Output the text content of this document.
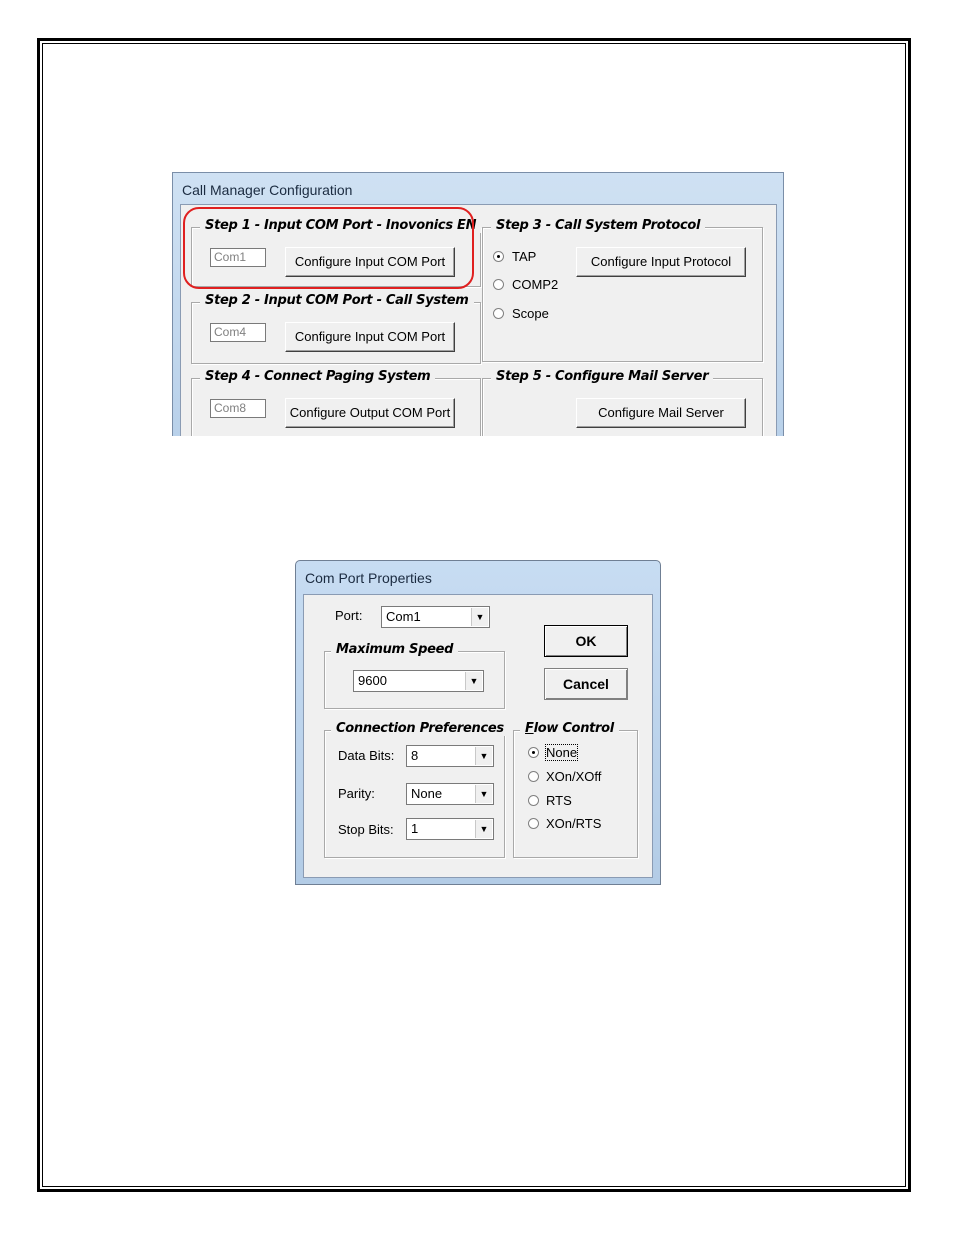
Call Manager Configuration
Step 1 - Input COM Port - Inovonics EN
Com1	Configure Input COM Port
Step 2 - Input COM Port - Call System
Com4	Configure Input COM Port
Step 3 - Call System Protocol
TAP
COMP2
Scope
Configure Input Protocol
Step 4 - Connect Paging System
Com8	Configure Output COM Port
Step 5 - Configure Mail Server
Configure Mail Server
Com Port Properties
Port:	Com1	▼
Maximum Speed
9600	▼
OK
Cancel
Connection Preferences
Data Bits:	8	▼
Parity:	None	▼
Stop Bits:	1	▼
Flow Control
None
XOn/XOff
RTS
XOn/RTS
